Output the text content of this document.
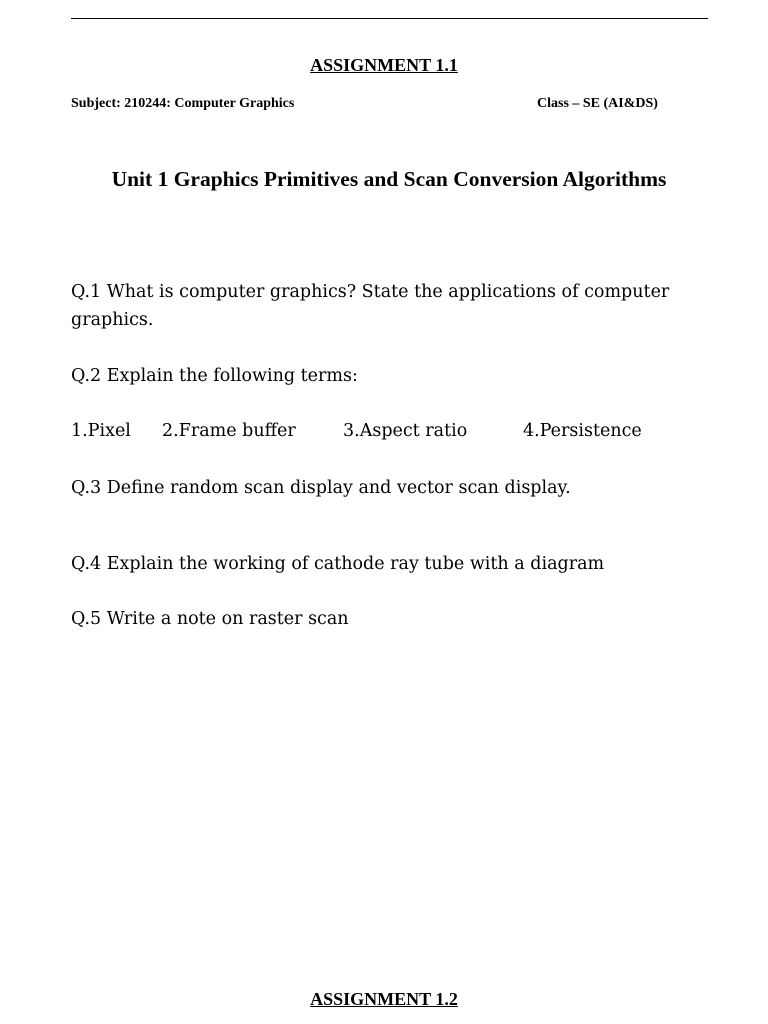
ASSIGNMENT 1.1

Subject: 210244: Computer Graphics	Class – SE (AI&DS)

Unit 1 Graphics Primitives and Scan Conversion Algorithms

Q.1 What is computer graphics? State the applications of computer graphics.

Q.2 Explain the following terms:

1.Pixel 2.Frame buffer	3.Aspect ratio	4.Persistence

Q.3 Define random scan display and vector scan display.

Q.4 Explain the working of cathode ray tube with a diagram

Q.5 Write a note on raster scan

ASSIGNMENT 1.2
